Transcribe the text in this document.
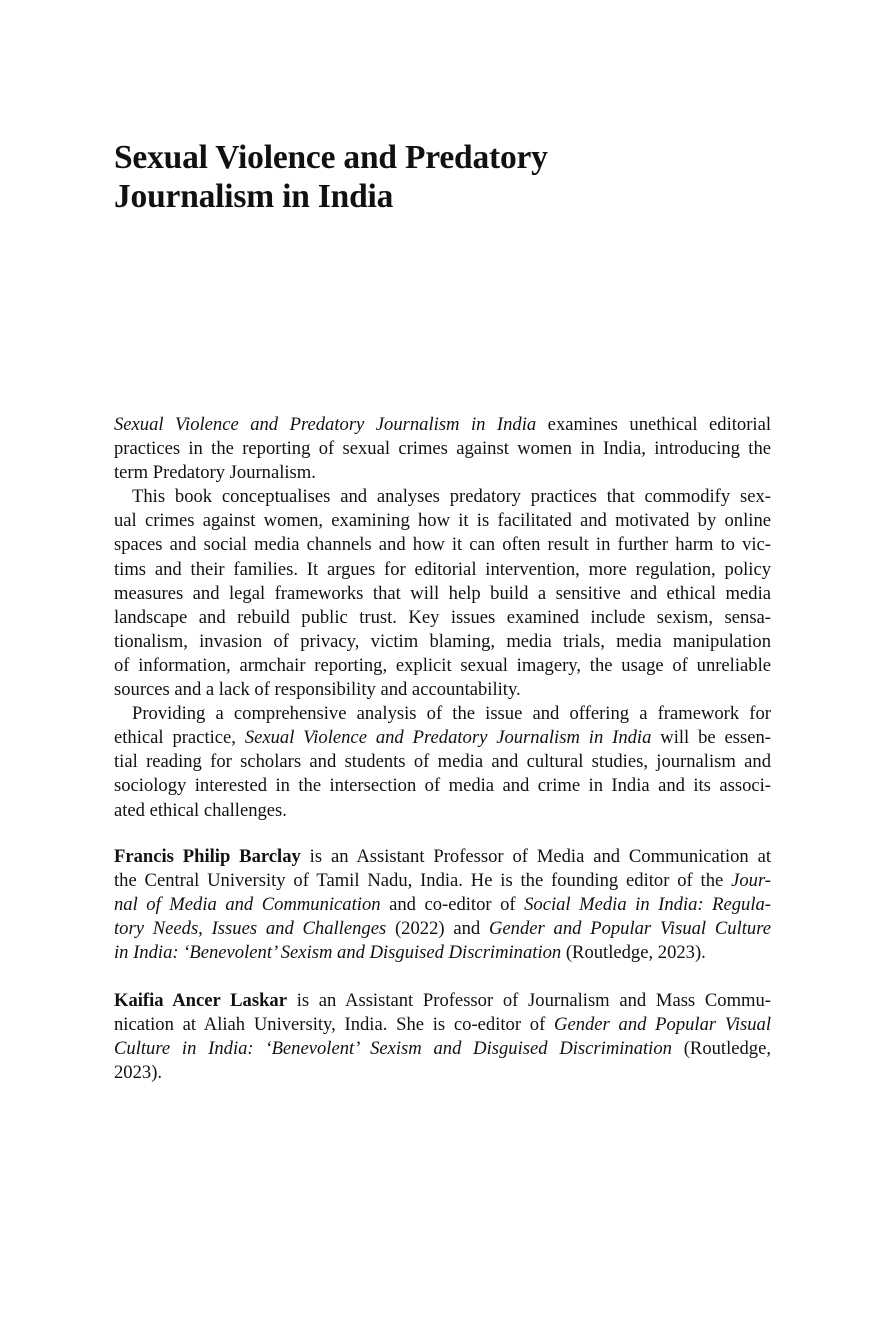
Sexual Violence and Predatory
Journalism in India
Sexual Violence and Predatory Journalism in India examines unethical editorial
practices in the reporting of sexual crimes against women in India, introducing the
term Predatory Journalism.
This book conceptualises and analyses predatory practices that commodify sex-
ual crimes against women, examining how it is facilitated and motivated by online
spaces and social media channels and how it can often result in further harm to vic-
tims and their families. It argues for editorial intervention, more regulation, policy
measures and legal frameworks that will help build a sensitive and ethical media
landscape and rebuild public trust. Key issues examined include sexism, sensa-
tionalism, invasion of privacy, victim blaming, media trials, media manipulation
of information, armchair reporting, explicit sexual imagery, the usage of unreliable
sources and a lack of responsibility and accountability.
Providing a comprehensive analysis of the issue and offering a framework for
ethical practice, Sexual Violence and Predatory Journalism in India will be essen-
tial reading for scholars and students of media and cultural studies, journalism and
sociology interested in the intersection of media and crime in India and its associ-
ated ethical challenges.
Francis Philip Barclay is an Assistant Professor of Media and Communication at
the Central University of Tamil Nadu, India. He is the founding editor of the Jour-
nal of Media and Communication and co-editor of Social Media in India: Regula-
tory Needs, Issues and Challenges (2022) and Gender and Popular Visual Culture
in India: ‘Benevolent’ Sexism and Disguised Discrimination (Routledge, 2023).
Kaifia Ancer Laskar is an Assistant Professor of Journalism and Mass Commu-
nication at Aliah University, India. She is co-editor of Gender and Popular Visual
Culture in India: ‘Benevolent’ Sexism and Disguised Discrimination (Routledge,
2023).
